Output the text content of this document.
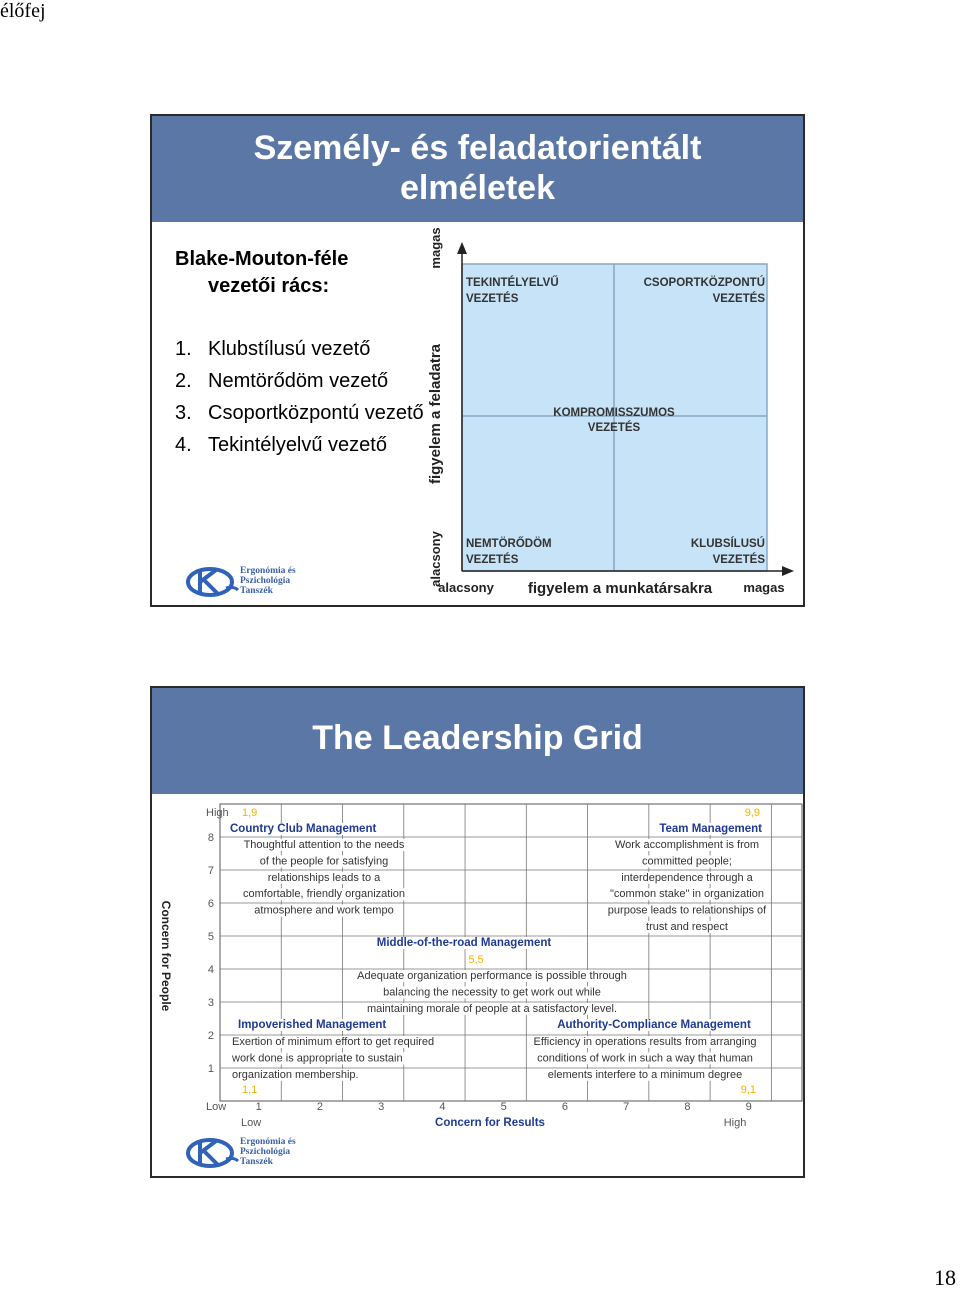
élőfej
Személy- és feladatorientált elméletek
Blake-Mouton-féle
vezetői rács:
1. Klubstílusú vezető
2. Nemtörődöm vezető
3. Csoportközpontú vezető
4. Tekintélyelvű vezető
Ergonómia és
Pszichológia
Tanszék
magas
figyelem a feladatra
alacsony
alacsony figyelem a munkatársakra magas
TEKINTÉLYELVŰ
VEZETÉS
CSOPORTKÖZPONTÚ
VEZETÉS
KOMPROMISSZUMOS
VEZETÉS
NEMTÖRŐDÖM
VEZETÉS
KLUBSÍLUSÚ
VEZETÉS
The Leadership Grid
Concern for People
High
Low
8
7
6
5
4
3
2
1
1	2	3	4	5	6	7	8	9
Low	Concern for Results	High
1,9	9,9
5,5
1,1	9,1
Country Club Management
Thoughtful attention to the needs
of the people for satisfying
relationships leads to a
comfortable, friendly organization
atmosphere and work tempo
Team Management
Work accomplishment is from
committed people;
interdependence through a
"common stake" in organization
purpose leads to relationships of
trust and respect
Middle-of-the-road Management
Adequate organization performance is possible through
balancing the necessity to get work out while
maintaining morale of people at a satisfactory level.
Impoverished Management
Exertion of minimum effort to get required
work done is appropriate to sustain
organization membership.
Authority-Compliance Management
Efficiency in operations results from arranging
conditions of work in such a way that human
elements interfere to a minimum degree
Ergonómia és
Pszichológia
Tanszék
18
